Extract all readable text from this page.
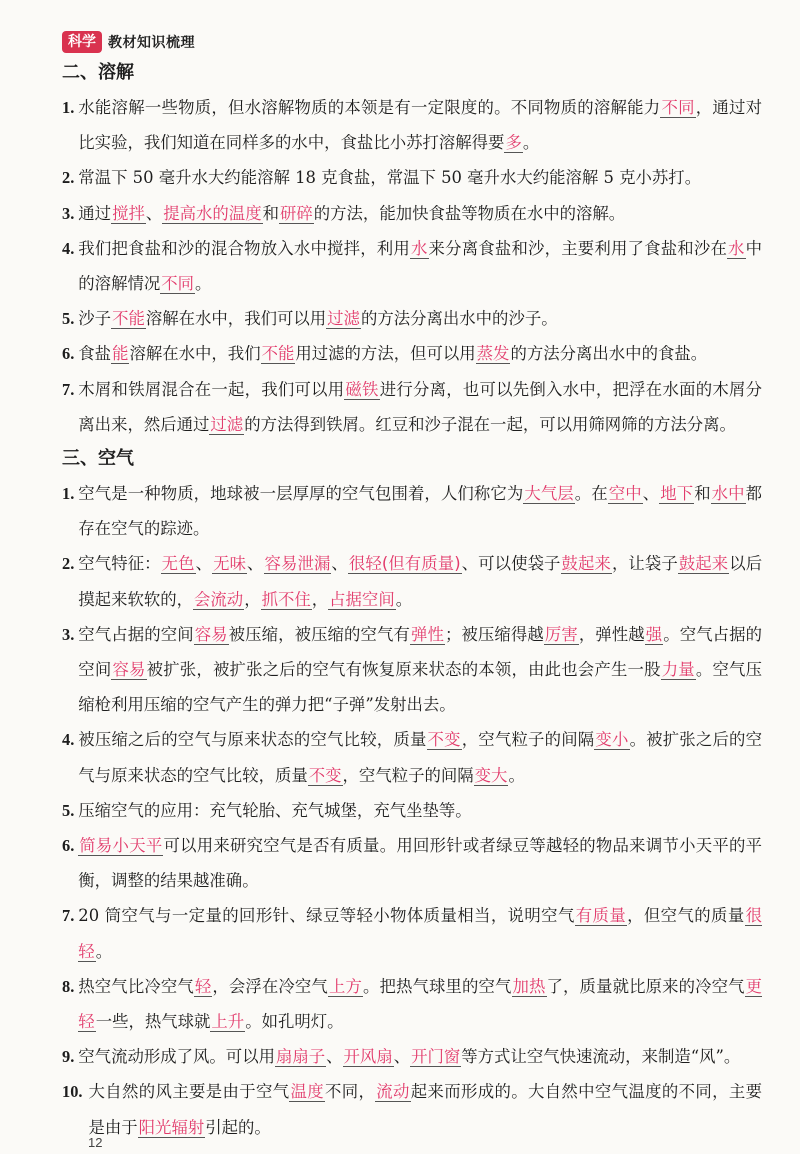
科学 教材知识梳理
二、溶解
1. 水能溶解一些物质，但水溶解物质的本领是有一定限度的。不同物质的溶解能力不同，通过对比实验，我们知道在同样多的水中，食盐比小苏打溶解得要多。
2. 常温下 50 毫升水大约能溶解 18 克食盐，常温下 50 毫升水大约能溶解 5 克小苏打。
3. 通过搅拌、提高水的温度和研碎的方法，能加快食盐等物质在水中的溶解。
4. 我们把食盐和沙的混合物放入水中搅拌，利用水来分离食盐和沙，主要利用了食盐和沙在水中的溶解情况不同。
5. 沙子不能溶解在水中，我们可以用过滤的方法分离出水中的沙子。
6. 食盐能溶解在水中，我们不能用过滤的方法，但可以用蒸发的方法分离出水中的食盐。
7. 木屑和铁屑混合在一起，我们可以用磁铁进行分离，也可以先倒入水中，把浮在水面的木屑分离出来，然后通过过滤的方法得到铁屑。红豆和沙子混在一起，可以用筛网筛的方法分离。
三、空气
1. 空气是一种物质，地球被一层厚厚的空气包围着，人们称它为大气层。在空中、地下和水中都存在空气的踪迹。
2. 空气特征：无色、无味、容易泄漏、很轻(但有质量)、可以使袋子鼓起来，让袋子鼓起来以后摸起来软软的，会流动，抓不住，占据空间。
3. 空气占据的空间容易被压缩，被压缩的空气有弹性；被压缩得越厉害，弹性越强。空气占据的空间容易被扩张，被扩张之后的空气有恢复原来状态的本领，由此也会产生一股力量。空气压缩枪利用压缩的空气产生的弹力把“子弹”发射出去。
4. 被压缩之后的空气与原来状态的空气比较，质量不变，空气粒子的间隔变小。被扩张之后的空气与原来状态的空气比较，质量不变，空气粒子的间隔变大。
5. 压缩空气的应用：充气轮胎、充气城堡，充气坐垫等。
6. 简易小天平可以用来研究空气是否有质量。用回形针或者绿豆等越轻的物品来调节小天平的平衡，调整的结果越准确。
7. 20 筒空气与一定量的回形针、绿豆等轻小物体质量相当，说明空气有质量，但空气的质量很轻。
8. 热空气比冷空气轻，会浮在冷空气上方。把热气球里的空气加热了，质量就比原来的冷空气更轻一些，热气球就上升。如孔明灯。
9. 空气流动形成了风。可以用扇扇子、开风扇、开门窗等方式让空气快速流动，来制造“风”。
10. 大自然的风主要是由于空气温度不同，流动起来而形成的。大自然中空气温度的不同，主要是由于阳光辐射引起的。
12
